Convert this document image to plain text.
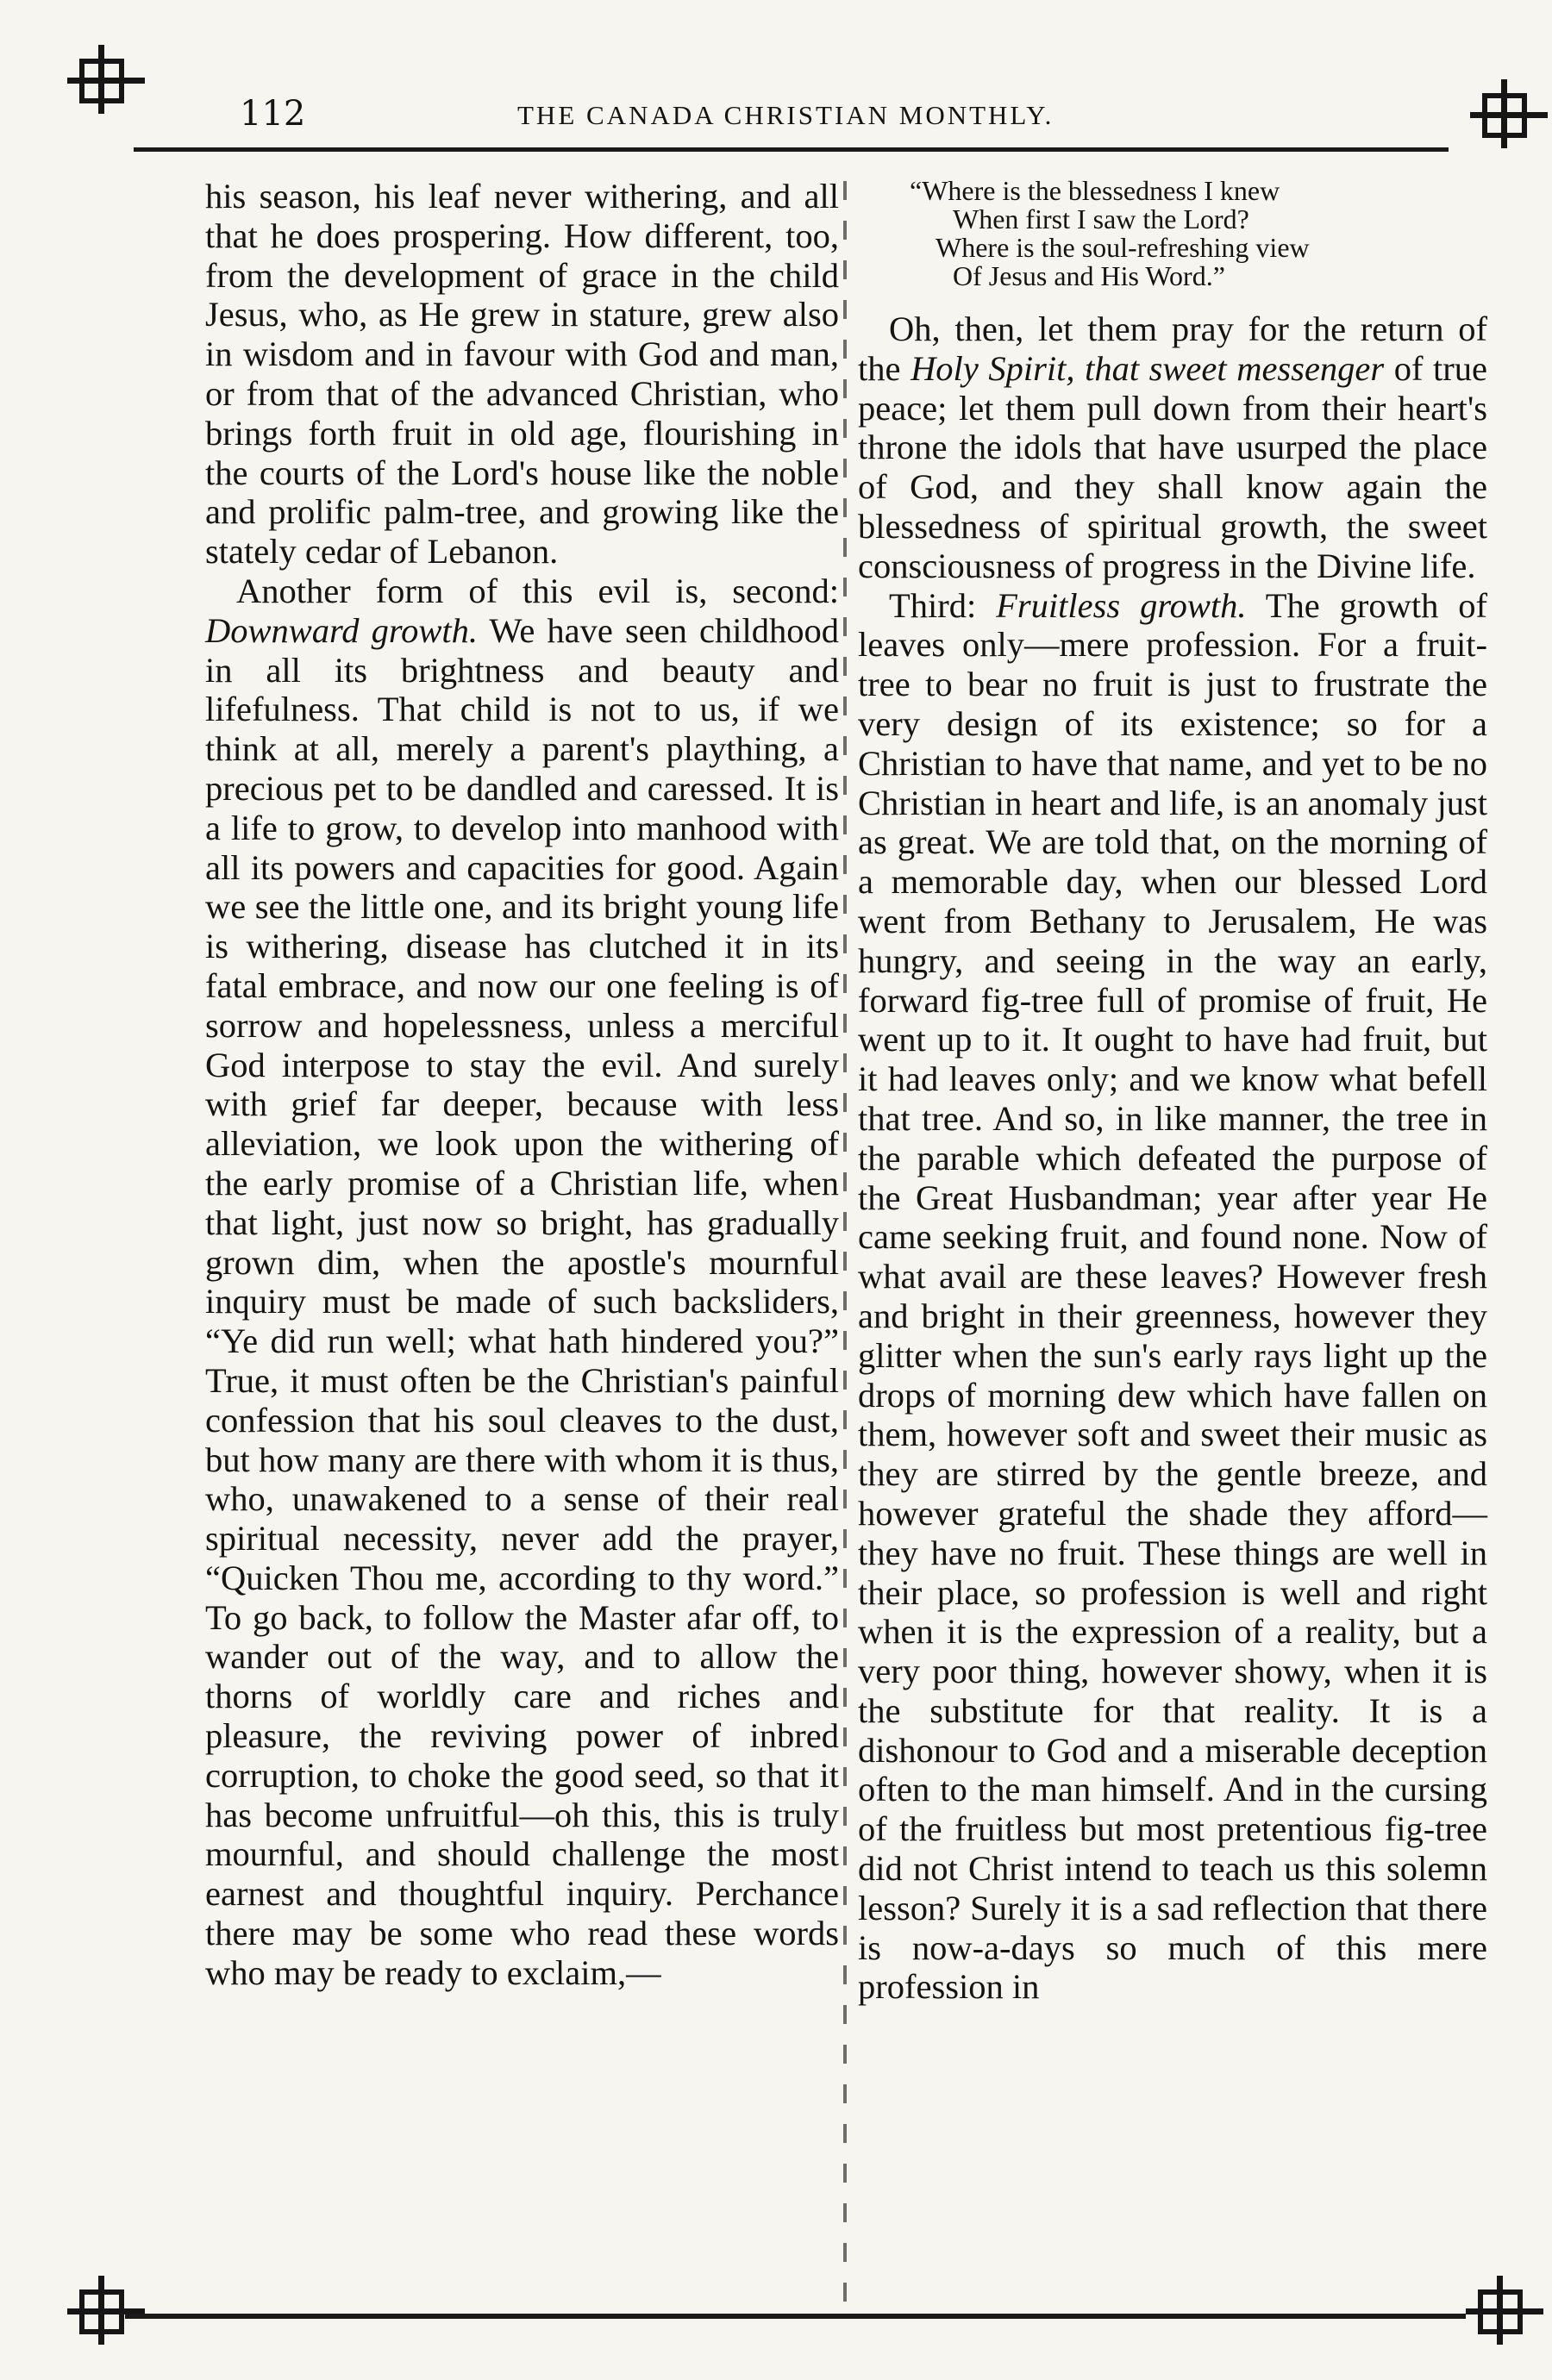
112	THE CANADA CHRISTIAN MONTHLY.

his season, his leaf never withering, and all that he does prospering. How different, too, from the development of grace in the child Jesus, who, as He grew in stature, grew also in wisdom and in favour with God and man, or from that of the advanced Christian, who brings forth fruit in old age, flourishing in the courts of the Lord's house like the noble and prolific palm-tree, and growing like the stately cedar of Lebanon.

Another form of this evil is, second: Downward growth. We have seen childhood in all its brightness and beauty and lifefulness. That child is not to us, if we think at all, merely a parent's plaything, a precious pet to be dandled and caressed. It is a life to grow, to develop into manhood with all its powers and capacities for good. Again we see the little one, and its bright young life is withering, disease has clutched it in its fatal embrace, and now our one feeling is of sorrow and hopelessness, unless a merciful God interpose to stay the evil. And surely with grief far deeper, because with less alleviation, we look upon the withering of the early promise of a Christian life, when that light, just now so bright, has gradually grown dim, when the apostle's mournful inquiry must be made of such backsliders, “Ye did run well; what hath hindered you?” True, it must often be the Christian's painful confession that his soul cleaves to the dust, but how many are there with whom it is thus, who, unawakened to a sense of their real spiritual necessity, never add the prayer, “Quicken Thou me, according to thy word.” To go back, to follow the Master afar off, to wander out of the way, and to allow the thorns of worldly care and riches and pleasure, the reviving power of inbred corruption, to choke the good seed, so that it has become unfruitful—oh this, this is truly mournful, and should challenge the most earnest and thoughtful inquiry. Perchance there may be some who read these words who may be ready to exclaim,—

“Where is the blessedness I knew
When first I saw the Lord?
Where is the soul-refreshing view
Of Jesus and His Word.”

Oh, then, let them pray for the return of the Holy Spirit, that sweet messenger of true peace; let them pull down from their heart's throne the idols that have usurped the place of God, and they shall know again the blessedness of spiritual growth, the sweet consciousness of progress in the Divine life.

Third: Fruitless growth. The growth of leaves only—mere profession. For a fruit-tree to bear no fruit is just to frustrate the very design of its existence; so for a Christian to have that name, and yet to be no Christian in heart and life, is an anomaly just as great. We are told that, on the morning of a memorable day, when our blessed Lord went from Bethany to Jerusalem, He was hungry, and seeing in the way an early, forward fig-tree full of promise of fruit, He went up to it. It ought to have had fruit, but it had leaves only; and we know what befell that tree. And so, in like manner, the tree in the parable which defeated the purpose of the Great Husbandman; year after year He came seeking fruit, and found none. Now of what avail are these leaves? However fresh and bright in their greenness, however they glitter when the sun's early rays light up the drops of morning dew which have fallen on them, however soft and sweet their music as they are stirred by the gentle breeze, and however grateful the shade they afford—they have no fruit. These things are well in their place, so profession is well and right when it is the expression of a reality, but a very poor thing, however showy, when it is the substitute for that reality. It is a dishonour to God and a miserable deception often to the man himself. And in the cursing of the fruitless but most pretentious fig-tree did not Christ intend to teach us this solemn lesson? Surely it is a sad reflection that there is now-a-days so much of this mere profession in
